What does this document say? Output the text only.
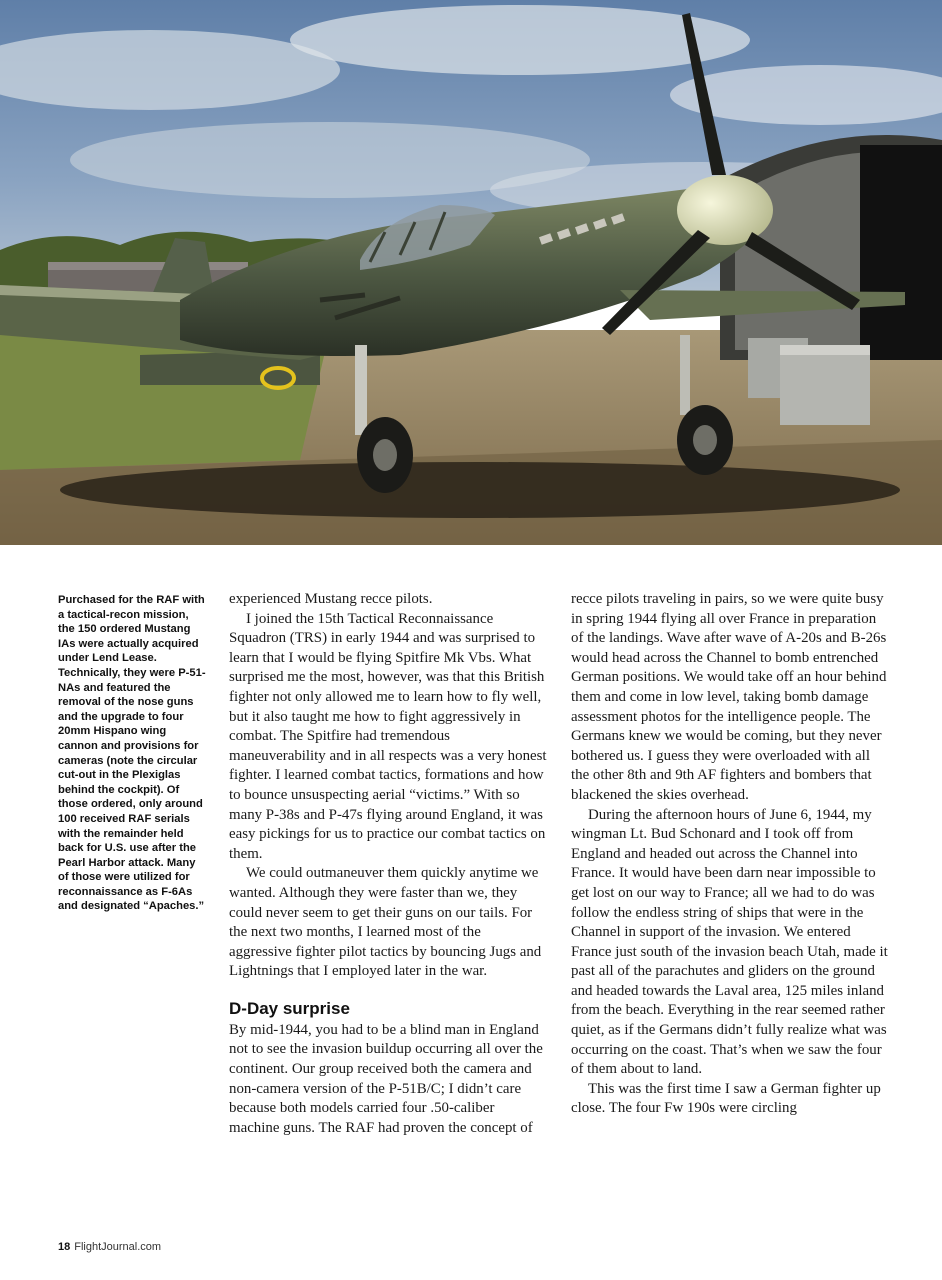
Purchased for the RAF with a tactical-recon mission, the 150 ordered Mustang IAs were actually acquired under Lend Lease. Technically, they were P-51-NAs and featured the removal of the nose guns and the upgrade to four 20mm Hispano wing cannon and provisions for cameras (note the circular cut-out in the Plexiglas behind the cockpit). Of those ordered, only around 100 received RAF serials with the remainder held back for U.S. use after the Pearl Harbor attack. Many of those were utilized for reconnaissance as F-6As and designated “Apaches.”

experienced Mustang recce pilots.

I joined the 15th Tactical Reconnaissance Squadron (TRS) in early 1944 and was surprised to learn that I would be flying Spitfire Mk Vbs. What surprised me the most, however, was that this British fighter not only allowed me to learn how to fly well, but it also taught me how to fight aggressively in combat. The Spitfire had tremendous maneuverability and in all respects was a very honest fighter. I learned combat tactics, formations and how to bounce unsuspecting aerial “victims.” With so many P-38s and P-47s flying around England, it was easy pickings for us to practice our combat tactics on them.

We could outmaneuver them quickly anytime we wanted. Although they were faster than we, they could never seem to get their guns on our tails. For the next two months, I learned most of the aggressive fighter pilot tactics by bouncing Jugs and Lightnings that I employed later in the war.

D-Day surprise

By mid-1944, you had to be a blind man in England not to see the invasion buildup occurring all over the continent. Our group received both the camera and non-camera version of the P-51B/C; I didn’t care because both models carried four .50-caliber machine guns. The RAF had proven the concept of

recce pilots traveling in pairs, so we were quite busy in spring 1944 flying all over France in preparation of the landings. Wave after wave of A-20s and B-26s would head across the Channel to bomb entrenched German positions. We would take off an hour behind them and come in low level, taking bomb damage assessment photos for the intelligence people. The Germans knew we would be coming, but they never bothered us. I guess they were overloaded with all the other 8th and 9th AF fighters and bombers that blackened the skies overhead.

During the afternoon hours of June 6, 1944, my wingman Lt. Bud Schonard and I took off from England and headed out across the Channel into France. It would have been darn near impossible to get lost on our way to France; all we had to do was follow the endless string of ships that were in the Channel in support of the invasion. We entered France just south of the invasion beach Utah, made it past all of the parachutes and gliders on the ground and headed towards the Laval area, 125 miles inland from the beach. Everything in the rear seemed rather quiet, as if the Germans didn’t fully realize what was occurring on the coast. That’s when we saw the four of them about to land.

This was the first time I saw a German fighter up close. The four Fw 190s were circling

18 FlightJournal.com
